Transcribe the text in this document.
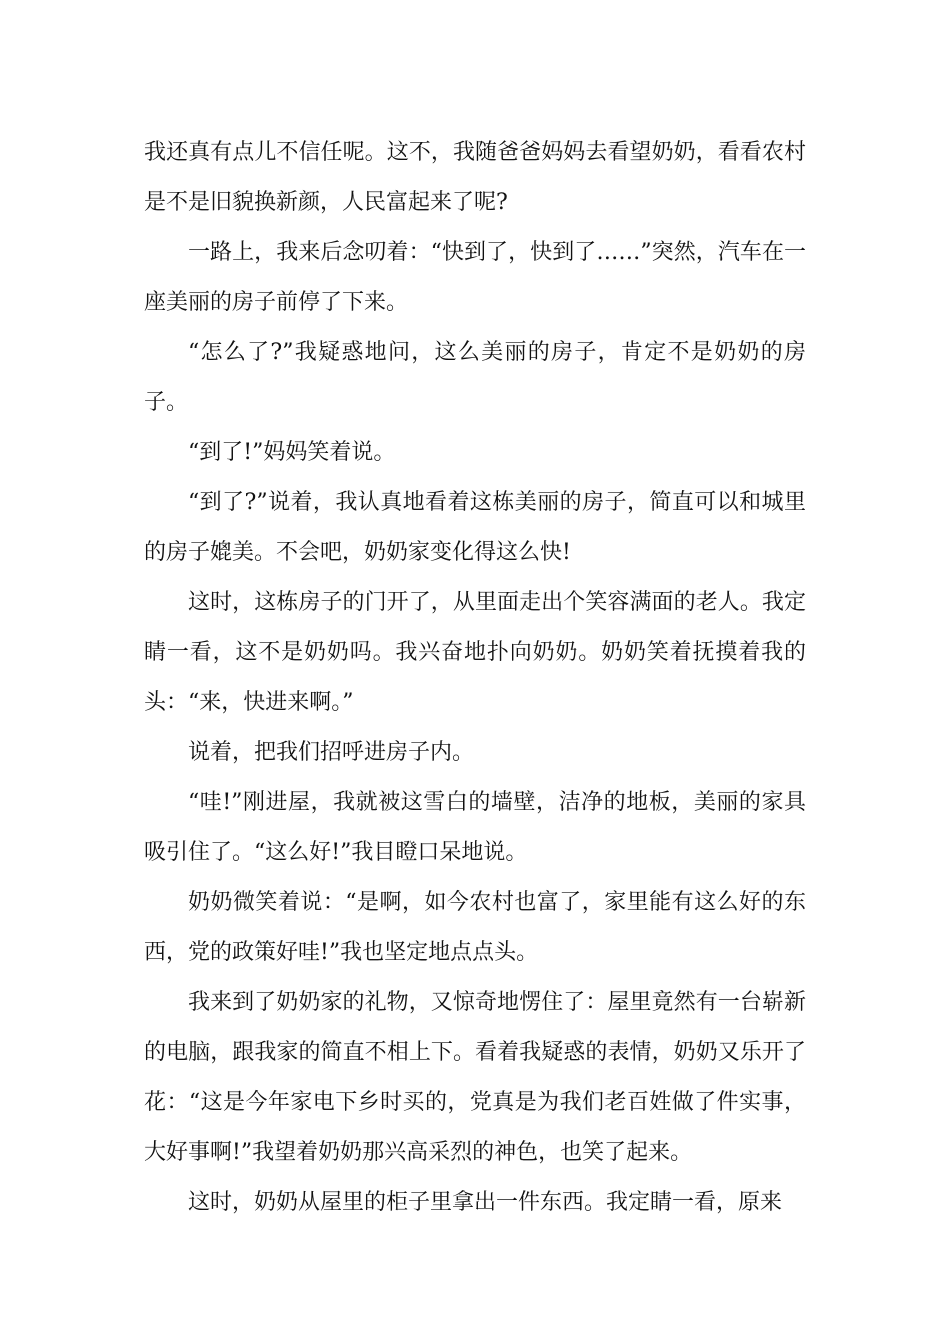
我还真有点儿不信任呢。这不，我随爸爸妈妈去看望奶奶，看看农村是不是旧貌换新颜，人民富起来了呢?

一路上，我来后念叨着：“快到了，快到了……”突然，汽车在一座美丽的房子前停了下来。

“怎么了?”我疑惑地问，这么美丽的房子，肯定不是奶奶的房子。

“到了!”妈妈笑着说。

“到了?”说着，我认真地看着这栋美丽的房子，简直可以和城里的房子媲美。不会吧，奶奶家变化得这么快!

这时，这栋房子的门开了，从里面走出个笑容满面的老人。我定睛一看，这不是奶奶吗。我兴奋地扑向奶奶。奶奶笑着抚摸着我的头：“来，快进来啊。”

说着，把我们招呼进房子内。

“哇!”刚进屋，我就被这雪白的墙壁，洁净的地板，美丽的家具吸引住了。“这么好!”我目瞪口呆地说。

奶奶微笑着说：“是啊，如今农村也富了，家里能有这么好的东西，党的政策好哇!”我也坚定地点点头。

我来到了奶奶家的礼物，又惊奇地愣住了：屋里竟然有一台崭新的电脑，跟我家的简直不相上下。看着我疑惑的表情，奶奶又乐开了花：“这是今年家电下乡时买的，党真是为我们老百姓做了件实事，大好事啊!”我望着奶奶那兴高采烈的神色，也笑了起来。

这时，奶奶从屋里的柜子里拿出一件东西。我定睛一看，原来
